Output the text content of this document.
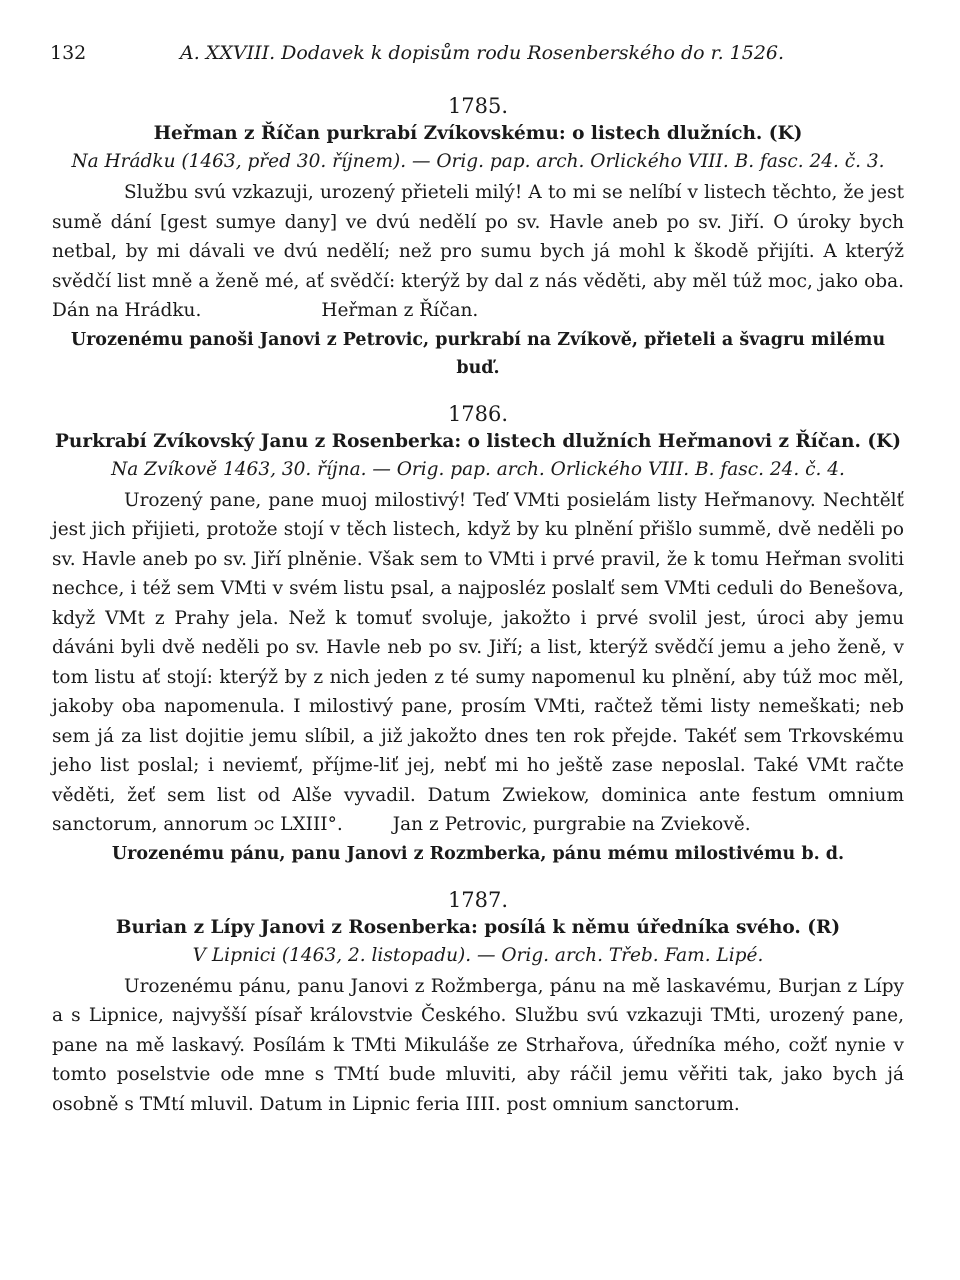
132	A. XXVIII. Dodavek k dopisům rodu Rosenberského do r. 1526.
1785.
Heřman z Říčan purkrabí Zvíkovskému: o listech dlužních. (K)
Na Hrádku (1463, před 30. říjnem). — Orig. pap. arch. Orlického VIII. B. fasc. 24. č. 3.

Službu svú vzkazuji, urozený přieteli milý! A to mi se nelíbí v listech těchto, že jest sumě dání [gest sumye dany] ve dvú nedělí po sv. Havle aneb po sv. Jiří. O úroky bych netbal, by mi dávali ve dvú nedělí; než pro sumu bych já mohl k škodě přijíti. A kterýž svědčí list mně a ženě mé, ať svědčí: kterýž by dal z nás věděti, aby měl túž moc, jako oba. Dán na Hrádku.	Heřman z Říčan.

Urozenému panoši Janovi z Petrovic, purkrabí na Zvíkově, přieteli a švagru milému buď.
1786.
Purkrabí Zvíkovský Janu z Rosenberka: o listech dlužních Heřmanovi z Říčan. (K)
Na Zvíkově 1463, 30. října. — Orig. pap. arch. Orlického VIII. B. fasc. 24. č. 4.

Urozený pane, pane muoj milostivý! Teď VMti posielám listy Heřmanovy. Nechtělť jest jich přijieti, protože stojí v těch listech, když by ku plnění přišlo summě, dvě neděli po sv. Havle aneb po sv. Jiří plněnie. Však sem to VMti i prvé pravil, že k tomu Heřman svoliti nechce, i též sem VMti v svém listu psal, a najposléz poslalť sem VMti ceduli do Benešova, když VMt z Prahy jela. Než k tomuť svoluje, jakožto i prvé svolil jest, úroci aby jemu dáváni byli dvě neděli po sv. Havle neb po sv. Jiří; a list, kterýž svědčí jemu a jeho ženě, v tom listu ať stojí: kterýž by z nich jeden z té sumy napomenul ku plnění, aby túž moc měl, jakoby oba napomenula. I milostivý pane, prosím VMti, račtež těmi listy nemeškati; neb sem já za list dojitie jemu slíbil, a již jakožto dnes ten rok přejde. Takéť sem Trkovskému jeho list poslal; i neviemť, příjme-liť jej, nebť mi ho ještě zase neposlal. Také VMt račte věděti, žeť sem list od Alše vyvadil. Datum Zwiekow, dominica ante festum omnium sanctorum, annorum ɔc LXIII°.	Jan z Petrovic, purgrabie na Zviekově.

Urozenému pánu, panu Janovi z Rozmberka, pánu mému milostivému b. d.
1787.
Burian z Lípy Janovi z Rosenberka: posílá k němu úředníka svého. (R)
V Lipnici (1463, 2. listopadu). — Orig. arch. Třeb. Fam. Lipé.

Urozenému pánu, panu Janovi z Rožmberga, pánu na mě laskavému, Burjan z Lípy a s Lipnice, najvyšší písař královstvie Českého. Službu svú vzkazuji TMti, urozený pane, pane na mě laskavý. Posílám k TMti Mikuláše ze Strhařova, úředníka mého, cožť nynie v tomto poselstvie ode mne s TMtí bude mluviti, aby ráčil jemu věřiti tak, jako bych já osobně s TMtí mluvil. Datum in Lipnic feria IIII. post omnium sanctorum.
